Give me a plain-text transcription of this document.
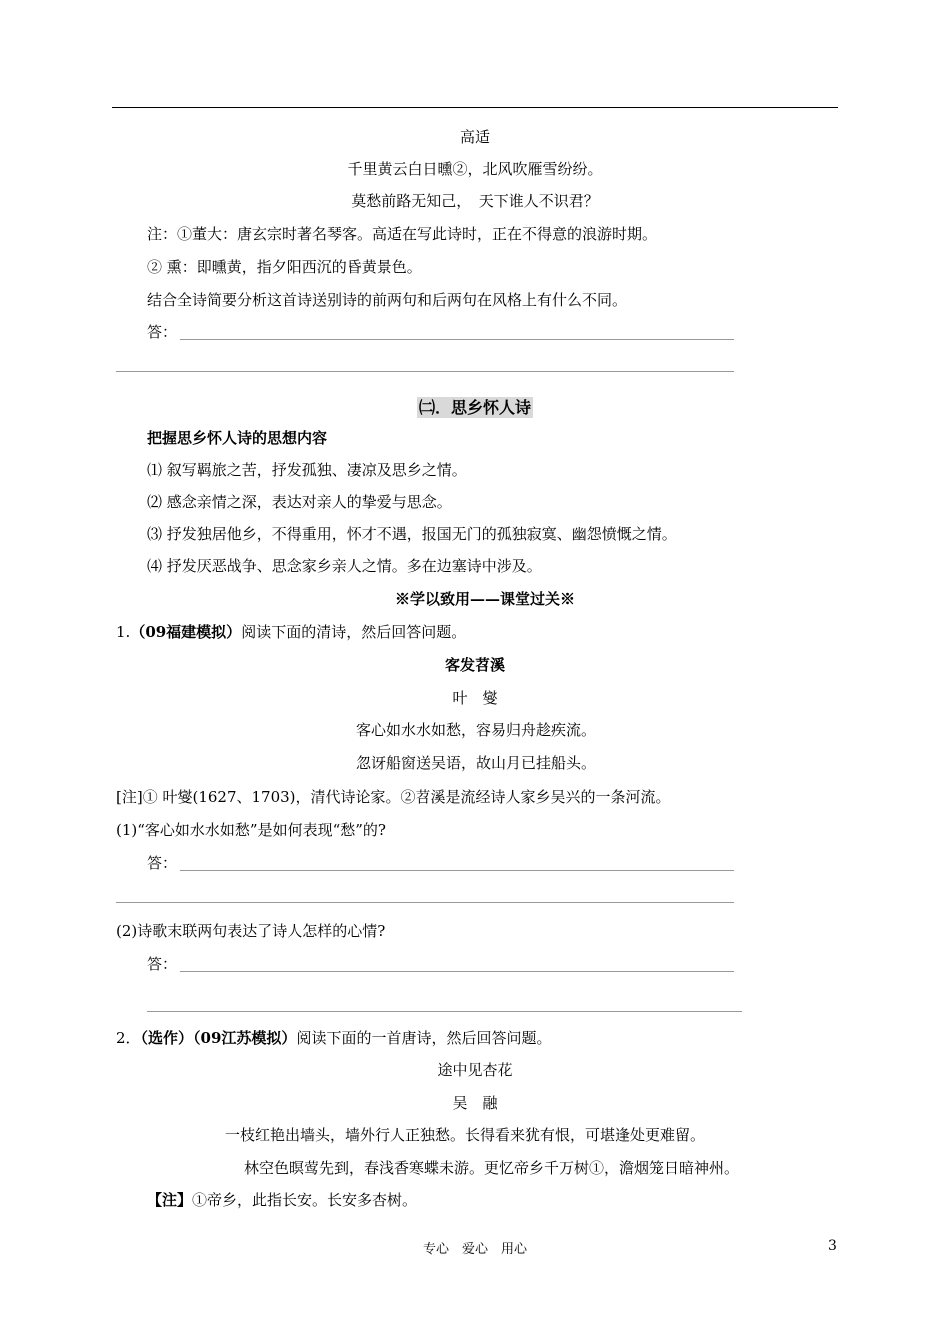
高适
千里黄云白日曛②，北风吹雁雪纷纷。
莫愁前路无知己，　天下谁人不识君？
注：①董大：唐玄宗时著名琴客。高适在写此诗时，正在不得意的浪游时期。
② 熏：即曛黄，指夕阳西沉的昏黄景色。
结合全诗简要分析这首诗送别诗的前两句和后两句在风格上有什么不同。
答：
㈡．思乡怀人诗
把握思乡怀人诗的思想内容
⑴ 叙写羁旅之苦，抒发孤独、凄凉及思乡之情。
⑵ 感念亲情之深，表达对亲人的挚爱与思念。
⑶ 抒发独居他乡，不得重用，怀才不遇，报国无门的孤独寂寞、幽怨愤慨之情。
⑷ 抒发厌恶战争、思念家乡亲人之情。多在边塞诗中涉及。
※学以致用——课堂过关※
1.（09福建模拟）阅读下面的清诗，然后回答问题。
客发苕溪
叶　燮
客心如水水如愁，容易归舟趁疾流。
忽讶船窗送吴语，故山月已挂船头。
[注]① 叶燮(1627、1703)，清代诗论家。②苕溪是流经诗人家乡吴兴的一条河流。
(1)“客心如水水如愁”是如何表现“愁”的?
答：
(2)诗歌末联两句表达了诗人怎样的心情?
答：
2．（选作）（09江苏模拟）阅读下面的一首唐诗，然后回答问题。
途中见杏花
吴　融
一枝红艳出墙头，墙外行人正独愁。长得看来犹有恨，可堪逢处更难留。
林空色暝莺先到，春浅香寒蝶未游。更忆帝乡千万树①，澹烟笼日暗神州。
【注】①帝乡，此指长安。长安多杏树。
专心　爱心　用心	3
